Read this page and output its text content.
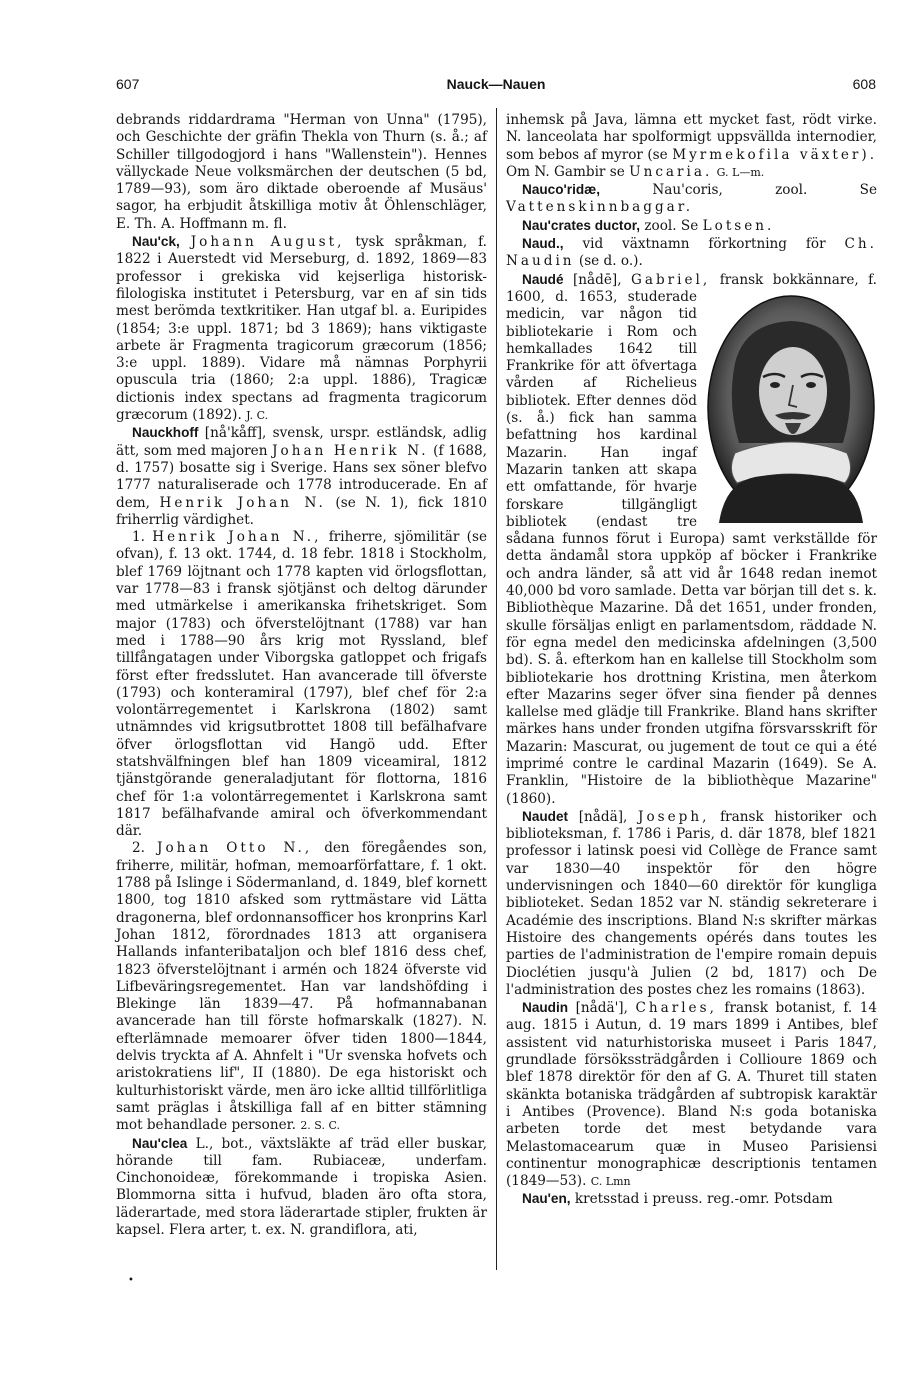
607	Nauck—Nauen	608

debrands riddardrama "Herman von Unna" (1795), och Geschichte der gräfin Thekla von Thurn (s. å.; af Schiller tillgodogjord i hans "Wallenstein"). Hennes vällyckade Neue volksmärchen der deutschen (5 bd, 1789—93), som äro diktade oberoende af Musäus' sagor, ha erbjudit åtskilliga motiv åt Öhlenschläger, E. Th. A. Hoffmann m. fl.

Nau'ck, Johann August, tysk språkman, f. 1822 i Auerstedt vid Merseburg, d. 1892, 1869—83 professor i grekiska vid kejserliga historisk-filologiska institutet i Petersburg, var en af sin tids mest berömda textkritiker. Han utgaf bl. a. Euripides (1854; 3:e uppl. 1871; bd 3 1869); hans viktigaste arbete är Fragmenta tragicorum græcorum (1856; 3:e uppl. 1889). Vidare må nämnas Porphyrii opuscula tria (1860; 2:a uppl. 1886), Tragicæ dictionis index spectans ad fragmenta tragicorum græcorum (1892). J. C.

Nauckhoff [nå'kåff], svensk, urspr. estländsk, adlig ätt, som med majoren Johan Henrik N. (f 1688, d. 1757) bosatte sig i Sverige. Hans sex söner blefvo 1777 naturaliserade och 1778 introducerade. En af dem, Henrik Johan N. (se N. 1), fick 1810 friherrlig värdighet.

1. Henrik Johan N., friherre, sjömilitär (se ofvan), f. 13 okt. 1744, d. 18 febr. 1818 i Stockholm, blef 1769 löjtnant och 1778 kapten vid örlogsflottan, var 1778—83 i fransk sjötjänst och deltog därunder med utmärkelse i amerikanska frihetskriget. Som major (1783) och öfverstelöjtnant (1788) var han med i 1788—90 års krig mot Ryssland, blef tillfångatagen under Viborgska gatloppet och frigafs först efter fredsslutet. Han avancerade till öfverste (1793) och konteramiral (1797), blef chef för 2:a volontärregementet i Karlskrona (1802) samt utnämndes vid krigsutbrottet 1808 till befälhafvare öfver örlogsflottan vid Hangö udd. Efter statshvälfningen blef han 1809 viceamiral, 1812 tjänstgörande generaladjutant för flottorna, 1816 chef för 1:a volontärregementet i Karlskrona samt 1817 befälhafvande amiral och öfverkommendant där.

2. Johan Otto N., den föregåendes son, friherre, militär, hofman, memoarförfattare, f. 1 okt. 1788 på Islinge i Södermanland, d. 1849, blef kornett 1800, tog 1810 afsked som ryttmästare vid Lätta dragonerna, blef ordonnansofficer hos kronprins Karl Johan 1812, förordnades 1813 att organisera Hallands infanteribataljon och blef 1816 dess chef, 1823 öfverstelöjtnant i armén och 1824 öfverste vid Lifbeväringsregementet. Han var landshöfding i Blekinge län 1839—47. På hofmannabanan avancerade han till förste hofmarskalk (1827). N. efterlämnade memoarer öfver tiden 1800—1844, delvis tryckta af A. Ahnfelt i "Ur svenska hofvets och aristokratiens lif", II (1880). De ega historiskt och kulturhistoriskt värde, men äro icke alltid tillförlitliga samt präglas i åtskilliga fall af en bitter stämning mot behandlade personer. 2. S. C.

Nau'clea L., bot., växtsläkte af träd eller buskar, hörande till fam. Rubiaceæ, underfam. Cinchonoideæ, förekommande i tropiska Asien. Blommorna sitta i hufvud, bladen äro ofta stora, läderartade, med stora läderartade stipler, frukten är kapsel. Flera arter, t. ex. N. grandiflora, ati,

inhemsk på Java, lämna ett mycket fast, rödt virke. N. lanceolata har spolformigt uppsvällda internodier, som bebos af myror (se Myrmekofila växter). Om N. Gambir se Uncaria. G. L—m.

Nauco'ridæ,	Nau'coris, zool. Se Vattenskinnbaggar.

Nau'crates ductor, zool. Se Lotsen.

Naud., vid växtnamn förkortning för Ch. Naudin (se d. o.).

Naudé [nådē], Gabriel, fransk bokkännare, f. 1600, d. 1653, studerade medicin, var någon tid bibliotekarie i Rom och hemkallades 1642 till Frankrike för att öfvertaga vården af Richelieus bibliotek. Efter dennes död (s. å.) fick han samma befattning hos kardinal Mazarin. Han ingaf Mazarin tanken att skapa ett omfattande, för hvarje forskare tillgängligt bibliotek (endast tre sådana funnos förut i Europa) samt verkställde för detta ändamål stora uppköp af böcker i Frankrike och andra länder, så att vid år 1648 redan inemot 40,000 bd voro samlade. Detta var början till det s. k. Bibliothèque Mazarine. Då det 1651, under fronden, skulle försäljas enligt en parlamentsdom, räddade N. för egna medel den medicinska afdelningen (3,500 bd). S. å. efterkom han en kallelse till Stockholm som bibliotekarie hos drottning Kristina, men återkom efter Mazarins seger öfver sina fiender på dennes kallelse med glädje till Frankrike. Bland hans skrifter märkes hans under fronden utgifna försvarsskrift för Mazarin: Mascurat, ou jugement de tout ce qui a été imprimé contre le cardinal Mazarin (1649). Se A. Franklin, "Histoire de la bibliothèque Mazarine" (1860).

Naudet [nådä], Joseph, fransk historiker och biblioteksman, f. 1786 i Paris, d. där 1878, blef 1821 professor i latinsk poesi vid Collège de France samt var 1830—40 inspektör för den högre undervisningen och 1840—60 direktör för kungliga biblioteket. Sedan 1852 var N. ständig sekreterare i Académie des inscriptions. Bland N:s skrifter märkas Histoire des changements opérés dans toutes les parties de l'administration de l'empire romain depuis Dioclétien jusqu'à Julien (2 bd, 1817) och De l'administration des postes chez les romains (1863).

Naudin [nådä'], Charles, fransk botanist, f. 14 aug. 1815 i Autun, d. 19 mars 1899 i Antibes, blef assistent vid naturhistoriska museet i Paris 1847, grundlade försökssträdgården i Collioure 1869 och blef 1878 direktör för den af G. A. Thuret till staten skänkta botaniska trädgården af subtropisk karaktär i Antibes (Provence). Bland N:s goda botaniska arbeten torde det mest betydande vara Melastomacearum quæ in Museo Parisiensi continentur monographicæ descriptionis tentamen (1849—53). C. Lmn

Nau'en, kretsstad i preuss. reg.-omr. Potsdam

•
